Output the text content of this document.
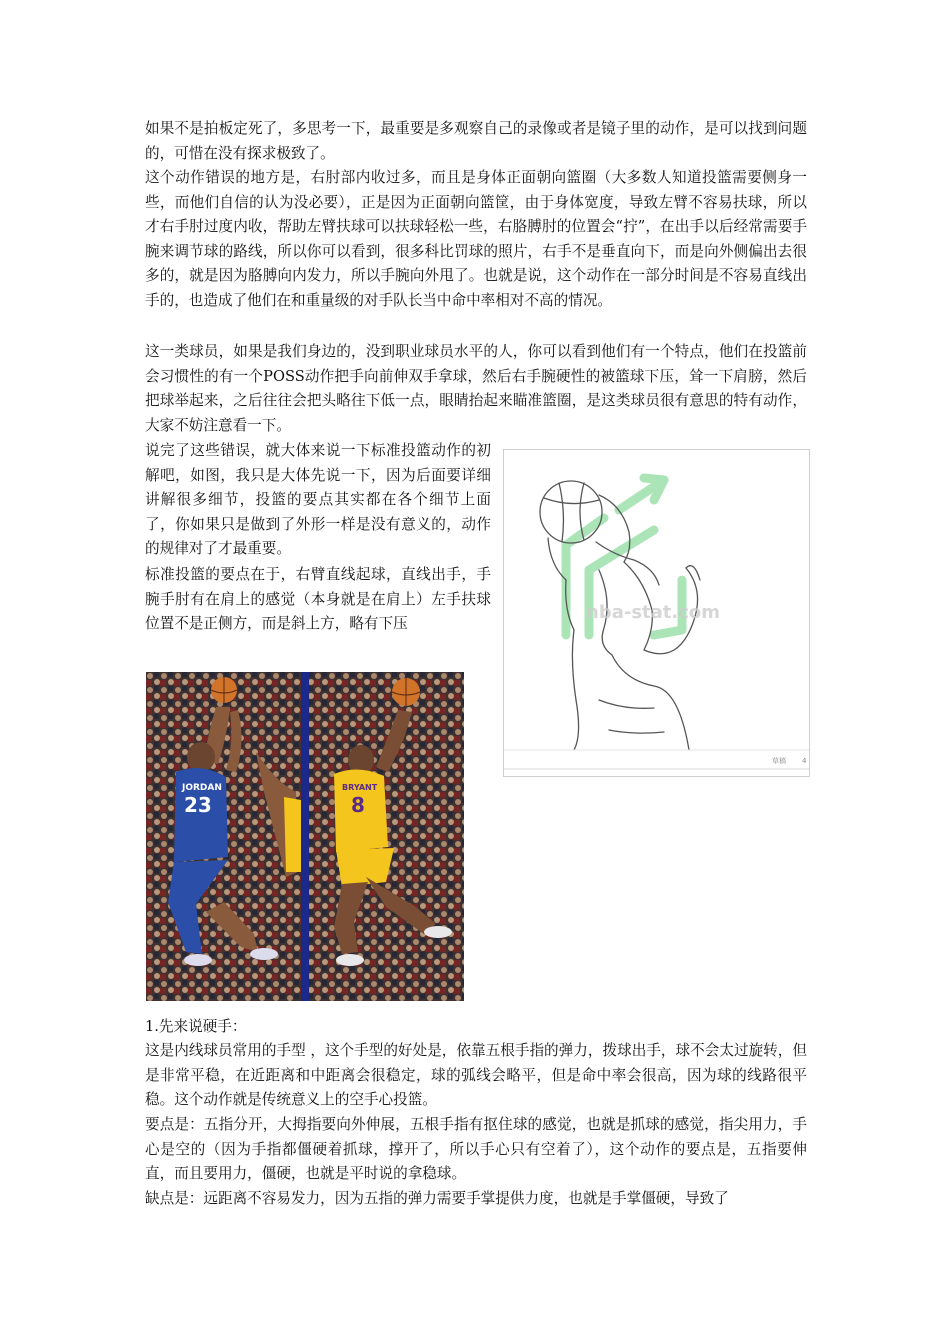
如果不是拍板定死了，多思考一下，最重要是多观察自己的录像或者是镜子里的动作，是可以找到问题的，可惜在没有探求极致了。

这个动作错误的地方是，右肘部内收过多，而且是身体正面朝向篮圈（大多数人知道投篮需要侧身一些，而他们自信的认为没必要），正是因为正面朝向篮筐，由于身体宽度，导致左臂不容易扶球，所以才右手肘过度内收，帮助左臂扶球可以扶球轻松一些，右胳膊肘的位置会“拧”，在出手以后经常需要手腕来调节球的路线，所以你可以看到，很多科比罚球的照片，右手不是垂直向下，而是向外侧偏出去很多的，就是因为胳膊向内发力，所以手腕向外甩了。也就是说，这个动作在一部分时间是不容易直线出手的，也造成了他们在和重量级的对手队长当中命中率相对不高的情况。

这一类球员，如果是我们身边的，没到职业球员水平的人，你可以看到他们有一个特点，他们在投篮前会习惯性的有一个POSS动作把手向前伸双手拿球，然后右手腕硬性的被篮球下压，耸一下肩膀，然后把球举起来，之后往往会把头略往下低一点，眼睛抬起来瞄准篮圈，是这类球员很有意思的特有动作，大家不妨注意看一下。

说完了这些错误，就大体来说一下标准投篮动作的初解吧，如图，我只是大体先说一下，因为后面要详细讲解很多细节，投篮的要点其实都在各个细节上面了，你如果只是做到了外形一样是没有意义的，动作的规律对了才最重要。

标准投篮的要点在于，右臂直线起球，直线出手，手腕手肘有在肩上的感觉（本身就是在肩上）左手扶球位置不是正侧方，而是斜上方，略有下压

nba-stat.com
草稿 4
JORDAN
23
BRYANT
8

1.先来说硬手：

这是内线球员常用的手型 ，这个手型的好处是，依靠五根手指的弹力，拨球出手，球不会太过旋转，但是非常平稳，在近距离和中距离会很稳定，球的弧线会略平，但是命中率会很高，因为球的线路很平稳。这个动作就是传统意义上的空手心投篮。

要点是：五指分开，大拇指要向外伸展，五根手指有抠住球的感觉，也就是抓球的感觉，指尖用力，手心是空的（因为手指都僵硬着抓球，撑开了，所以手心只有空着了），这个动作的要点是，五指要伸直，而且要用力，僵硬，也就是平时说的拿稳球。

缺点是：远距离不容易发力，因为五指的弹力需要手掌提供力度，也就是手掌僵硬，导致了
